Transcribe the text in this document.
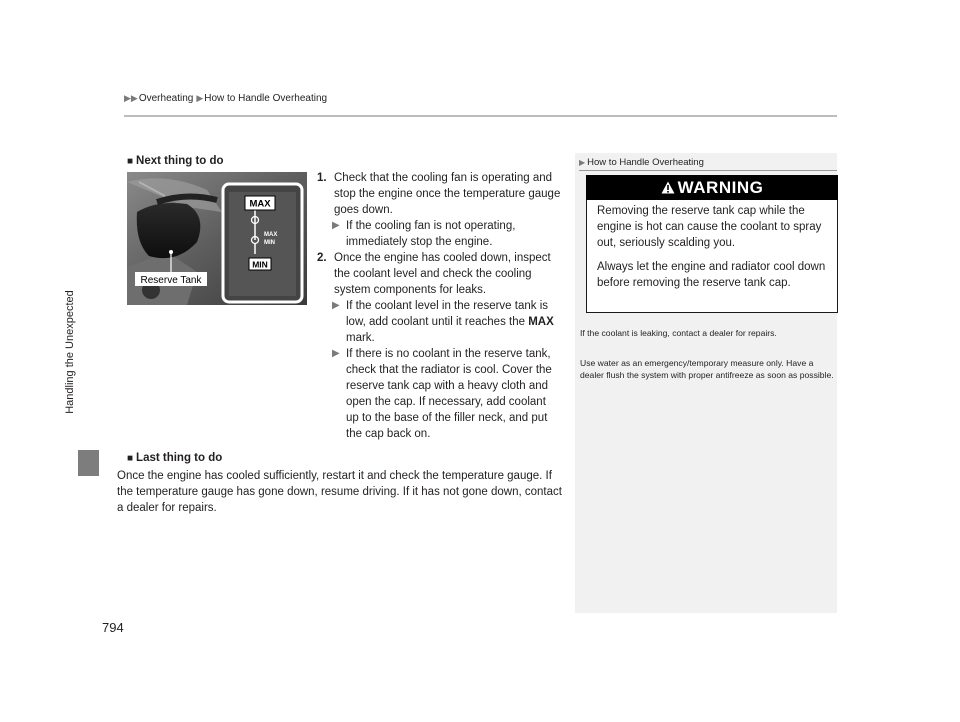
▶▶ Overheating ▶ How to Handle Overheating
Handling the Unexpected
794
■ Next thing to do
MAX
MIN
MAX
MIN
Reserve Tank
1. Check that the cooling fan is operating and stop the engine once the temperature gauge goes down.
▶ If the cooling fan is not operating, immediately stop the engine.
2. Once the engine has cooled down, inspect the coolant level and check the cooling system components for leaks.
▶ If the coolant level in the reserve tank is low, add coolant until it reaches the MAX mark.
▶ If there is no coolant in the reserve tank, check that the radiator is cool. Cover the reserve tank cap with a heavy cloth and open the cap. If necessary, add coolant up to the base of the filler neck, and put the cap back on.
■ Last thing to do
Once the engine has cooled sufficiently, restart it and check the temperature gauge. If the temperature gauge has gone down, resume driving. If it has not gone down, contact a dealer for repairs.
▶ How to Handle Overheating
WARNING
Removing the reserve tank cap while the engine is hot can cause the coolant to spray out, seriously scalding you.
Always let the engine and radiator cool down before removing the reserve tank cap.
If the coolant is leaking, contact a dealer for repairs.
Use water as an emergency/temporary measure only. Have a dealer flush the system with proper antifreeze as soon as possible.
